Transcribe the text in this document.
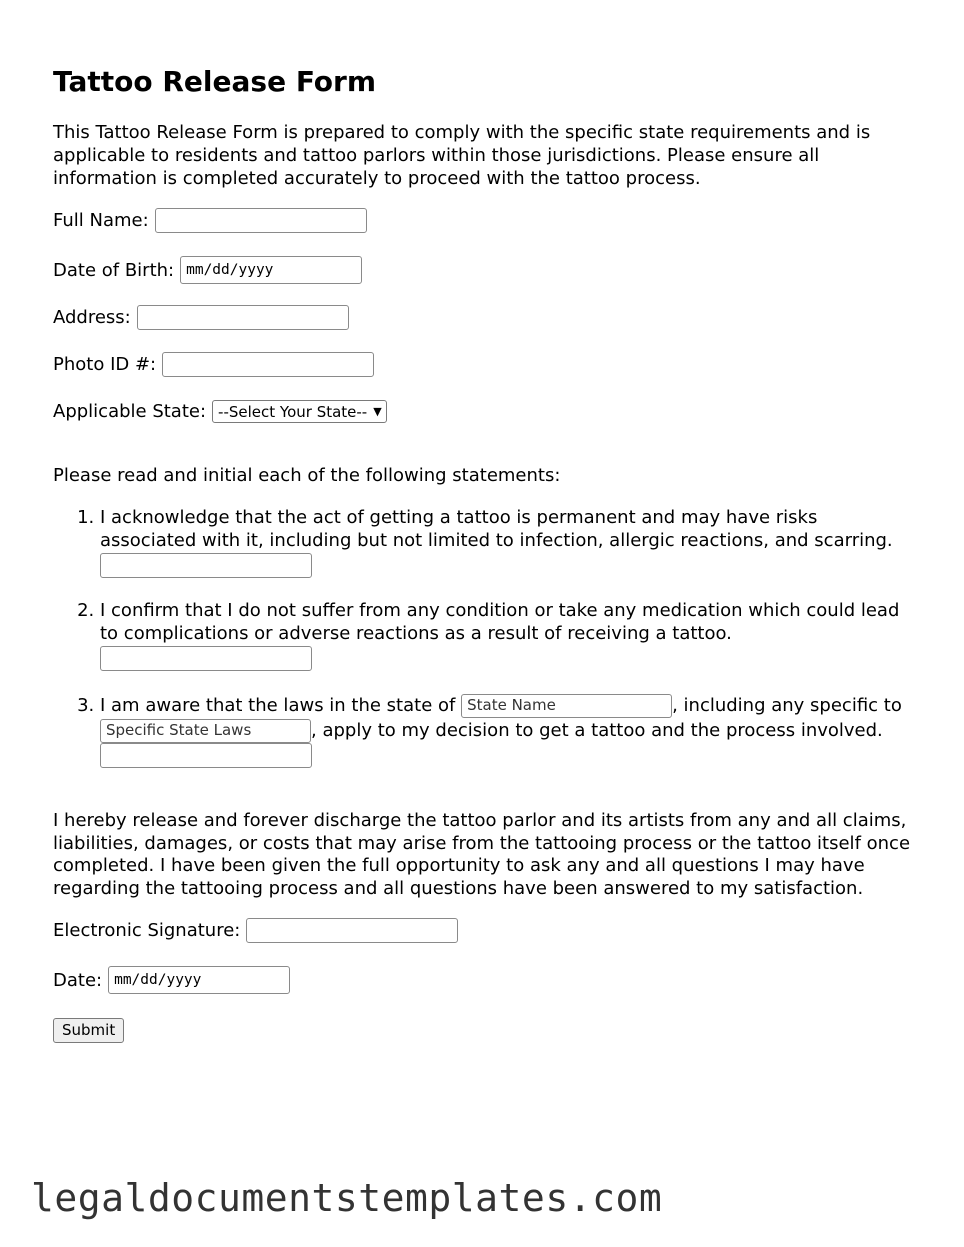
Tattoo Release Form

This Tattoo Release Form is prepared to comply with the specific state requirements and is applicable to residents and tattoo parlors within those jurisdictions. Please ensure all information is completed accurately to proceed with the tattoo process.

Full Name:
Date of Birth: mm/dd/yyyy
Address:
Photo ID #:
Applicable State: --Select Your State-- ▼

Please read and initial each of the following statements:

1. I acknowledge that the act of getting a tattoo is permanent and may have risks associated with it, including but not limited to infection, allergic reactions, and scarring.
2. I confirm that I do not suffer from any condition or take any medication which could lead to complications or adverse reactions as a result of receiving a tattoo.
3. I am aware that the laws in the state of State Name	, including any specific to Specific State Laws	, apply to my decision to get a tattoo and the process involved.

I hereby release and forever discharge the tattoo parlor and its artists from any and all claims, liabilities, damages, or costs that may arise from the tattooing process or the tattoo itself once completed. I have been given the full opportunity to ask any and all questions I may have regarding the tattooing process and all questions have been answered to my satisfaction.

Electronic Signature:
Date: mm/dd/yyyy
Submit
legaldocumentstemplates.com
